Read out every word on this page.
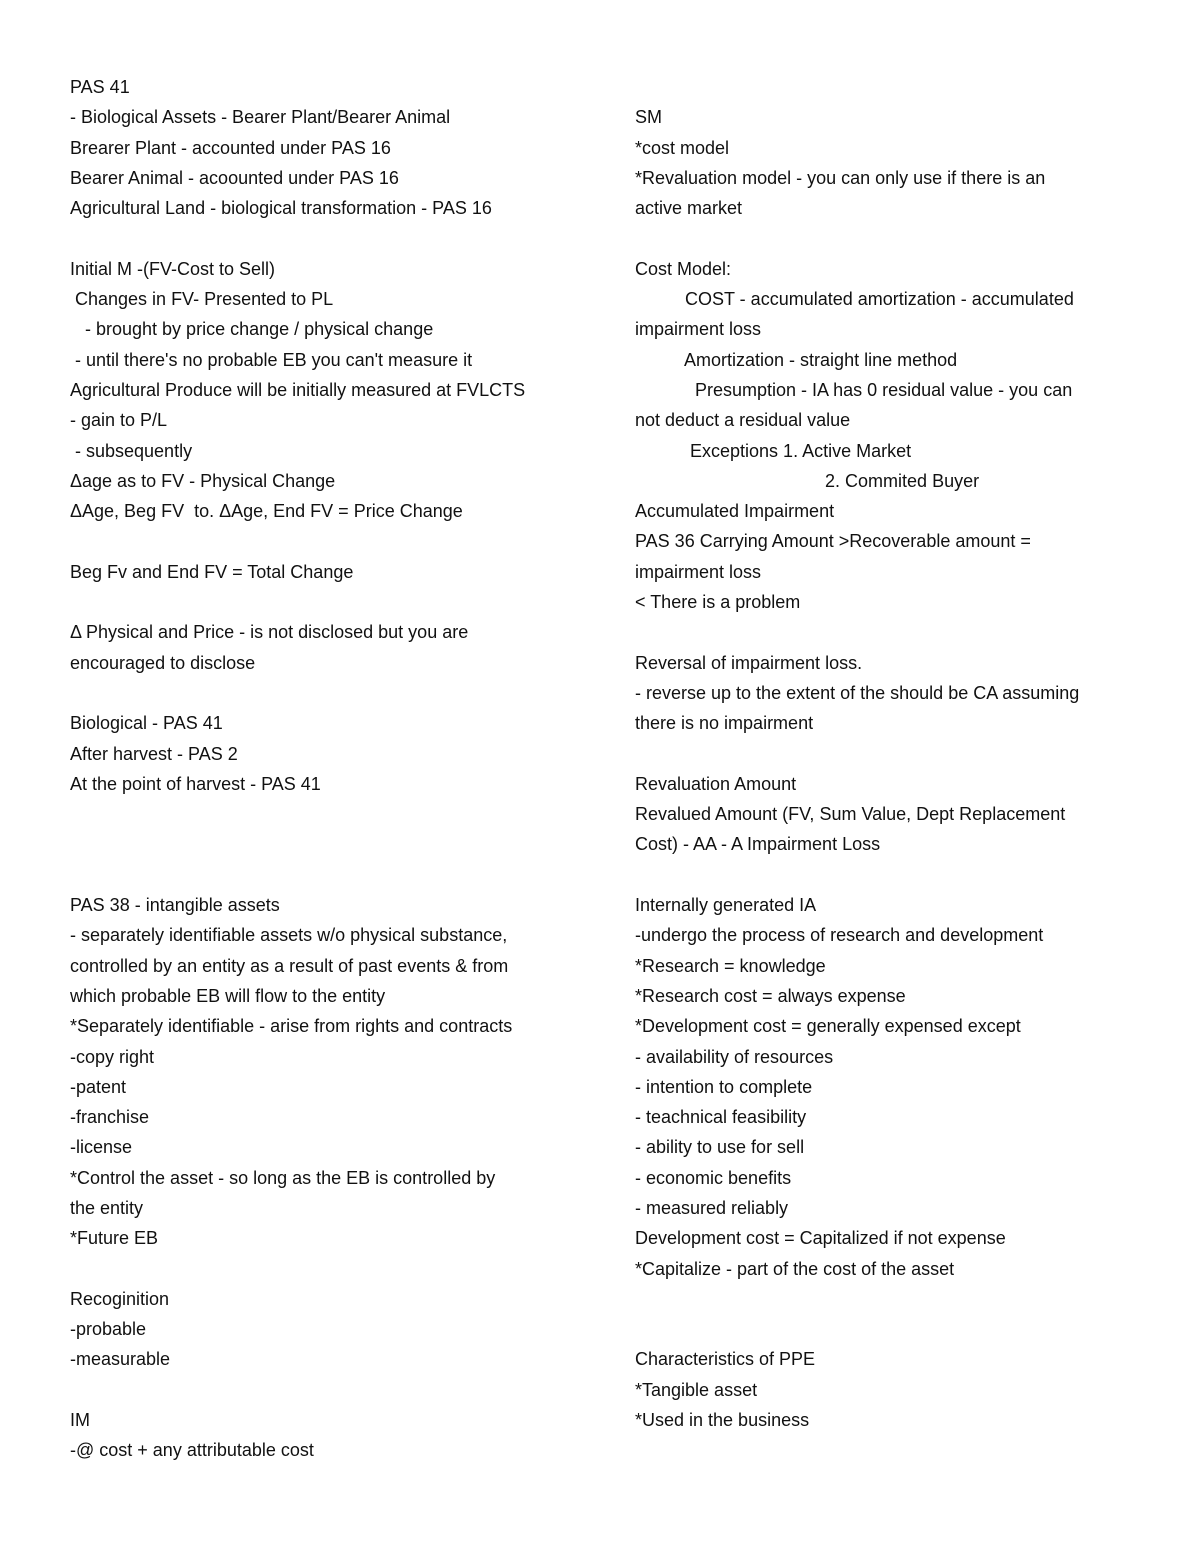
PAS 41
- Biological Assets - Bearer Plant/Bearer Animal
Brearer Plant - accounted under PAS 16
Bearer Animal - acoounted under PAS 16
Agricultural Land - biological transformation - PAS 16
Initial M -(FV-Cost to Sell)
Changes in FV- Presented to PL
- brought by price change / physical change
- until there's no probable EB you can't measure it
Agricultural Produce will be initially measured at FVLCTS
- gain to P/L
- subsequently
Δage as to FV - Physical Change
ΔAge, Beg FV  to. ΔAge, End FV = Price Change
Beg Fv and End FV = Total Change
Δ Physical and Price - is not disclosed but you are
encouraged to disclose
Biological - PAS 41
After harvest - PAS 2
At the point of harvest - PAS 41
PAS 38 - intangible assets
- separately identifiable assets w/o physical substance,
controlled by an entity as a result of past events & from
which probable EB will flow to the entity
*Separately identifiable - arise from rights and contracts
-copy right
-patent
-franchise
-license
*Control the asset - so long as the EB is controlled by
the entity
*Future EB
Recoginition
-probable
-measurable
IM
-@ cost + any attributable cost
SM
*cost model
*Revaluation model - you can only use if there is an
active market
Cost Model:
COST - accumulated amortization - accumulated
impairment loss
Amortization - straight line method
Presumption - IA has 0 residual value - you can
not deduct a residual value
Exceptions 1. Active Market
2. Commited Buyer
Accumulated Impairment
PAS 36 Carrying Amount >Recoverable amount =
impairment loss
< There is a problem
Reversal of impairment loss.
- reverse up to the extent of the should be CA assuming
there is no impairment
Revaluation Amount
Revalued Amount (FV, Sum Value, Dept Replacement
Cost) - AA - A Impairment Loss
Internally generated IA
-undergo the process of research and development
*Research = knowledge
*Research cost = always expense
*Development cost = generally expensed except
- availability of resources
- intention to complete
- teachnical feasibility
- ability to use for sell
- economic benefits
- measured reliably
Development cost = Capitalized if not expense
*Capitalize - part of the cost of the asset
Characteristics of PPE
*Tangible asset
*Used in the business
